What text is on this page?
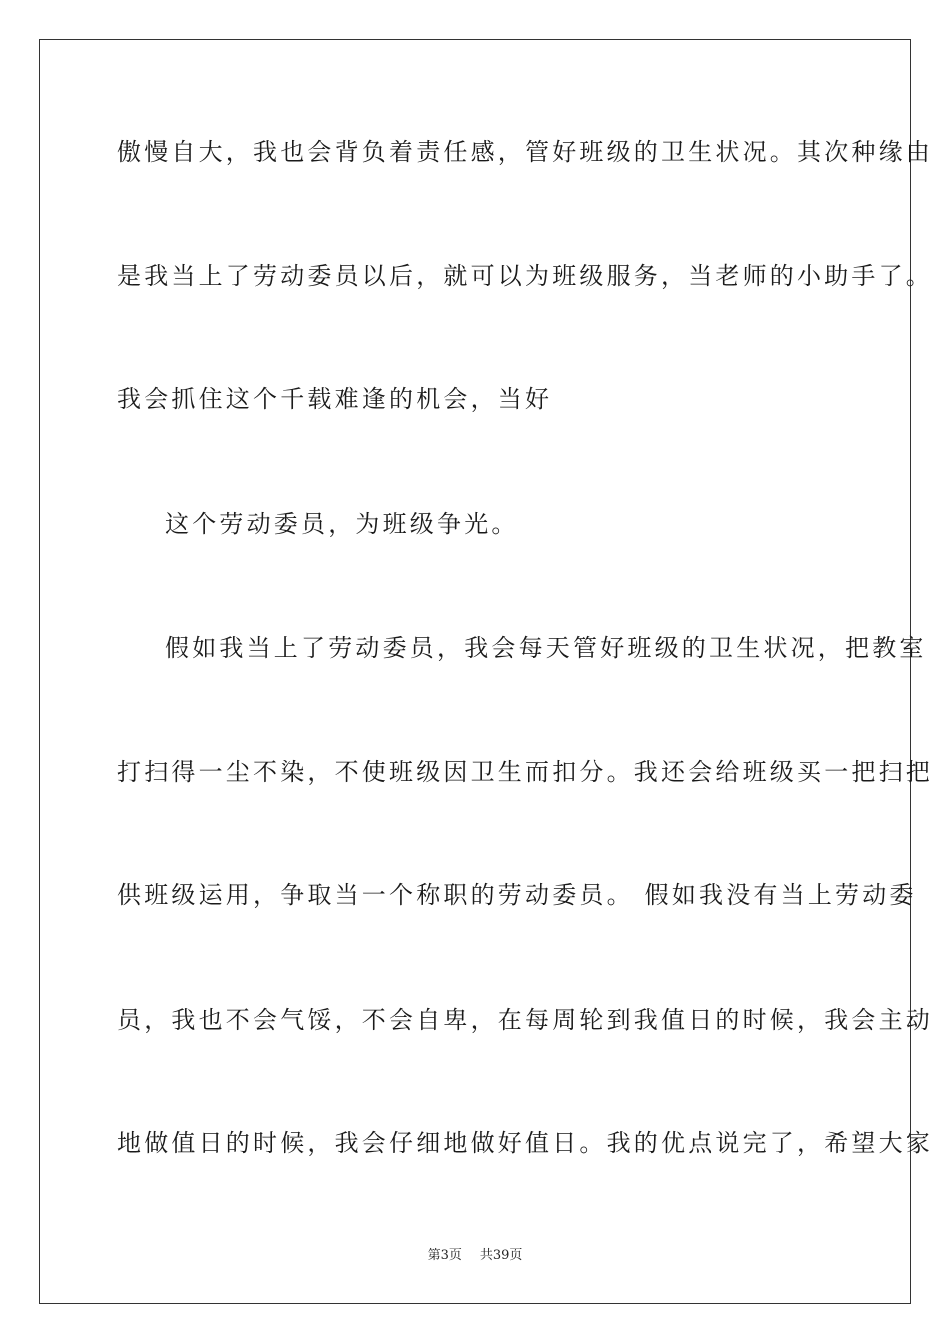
傲慢自大，我也会背负着责任感，管好班级的卫生状况。其次种缘由
是我当上了劳动委员以后，就可以为班级服务，当老师的小助手了。
我会抓住这个千载难逢的机会，当好
这个劳动委员，为班级争光。
假如我当上了劳动委员，我会每天管好班级的卫生状况，把教室
打扫得一尘不染，不使班级因卫生而扣分。我还会给班级买一把扫把
供班级运用，争取当一个称职的劳动委员。 假如我没有当上劳动委
员，我也不会气馁，不会自卑，在每周轮到我值日的时候，我会主动
地做值日的时候，我会仔细地做好值日。我的优点说完了，希望大家
第3页 共39页
